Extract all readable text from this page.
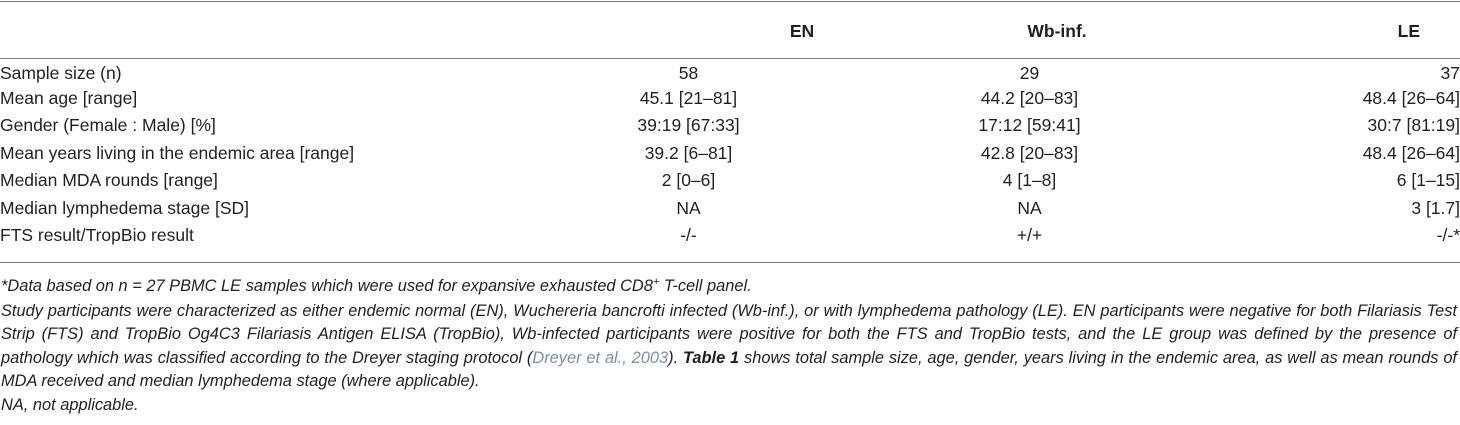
	EN	Wb-inf.	LE
Sample size (n)	58	29	37
Mean age [range]	45.1 [21–81]	44.2 [20–83]	48.4 [26–64]
Gender (Female : Male) [%]	39:19 [67:33]	17:12 [59:41]	30:7 [81:19]
Mean years living in the endemic area [range]	39.2 [6–81]	42.8 [20–83]	48.4 [26–64]
Median MDA rounds [range]	2 [0–6]	4 [1–8]	6 [1–15]
Median lymphedema stage [SD]	NA	NA	3 [1.7]
FTS result/TropBio result	-/-	+/+	-/-*

*Data based on n = 27 PBMC LE samples which were used for expansive exhausted CD8+ T-cell panel.

Study participants were characterized as either endemic normal (EN), Wuchereria bancrofti infected (Wb-inf.), or with lymphedema pathology (LE). EN participants were negative for both Filariasis Test Strip (FTS) and TropBio Og4C3 Filariasis Antigen ELISA (TropBio), Wb-infected participants were positive for both the FTS and TropBio tests, and the LE group was defined by the presence of pathology which was classified according to the Dreyer staging protocol (Dreyer et al., 2003). Table 1 shows total sample size, age, gender, years living in the endemic area, as well as mean rounds of MDA received and median lymphedema stage (where applicable).

NA, not applicable.
